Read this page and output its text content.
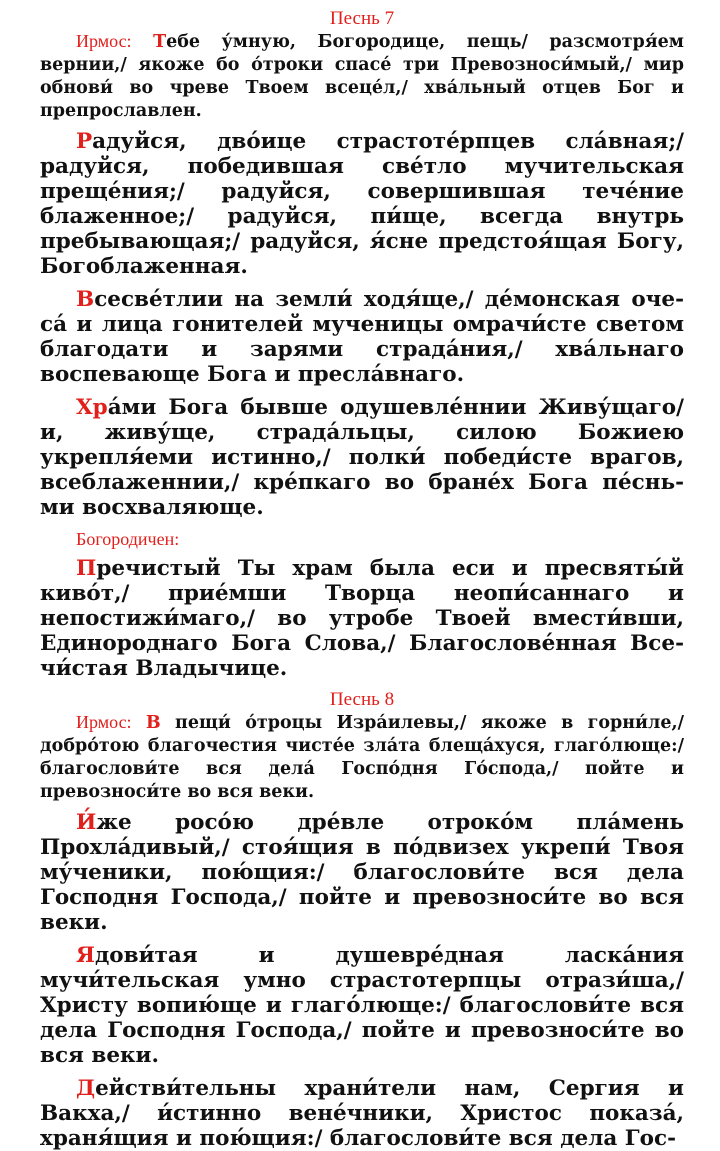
Песнь 7

Ирмос: Тебе у́мную, Богородице, пещь/ разсмотря́ем вернии,/ якоже бо о́троки спасе́ три Превозноси́мый,/ мир обнови́ во чреве Твоем всеце́л,/ хва́льный отцев Бог и препрославлен.

Радуйся, дво́ице страстоте́рпцев сла́вная;/ радуйся, победившая све́тло мучительская преще́ния;/ радуйся, совершившая тече́ние блаженное;/ радуйся, пи́ще, всегда внутрь пребывающая;/ радуйся, я́сне предстоя́щая Богу, Богоблаженная.

Всесве́тлии на земли́ ходя́ще,/ де́монская оче-са́ и лица гонителей мученицы омрачи́сте светом благодати и зарями страда́ния,/ хва́льнаго воспевающе Бога и пресла́внаго.

Хра́ми Бога бывше одушевле́ннии Живу́щаго/ и, живу́ще, страда́льцы, силою Божиею укрепля́еми истинно,/ полки́ победи́сте врагов, всеблаженнии,/ кре́пкаго во бране́х Бога пе́снь-ми восхваляюще.

Богородичен:

Пречистый Ты храм была еси и пресвяты́й киво́т,/ прие́мши Творца неопи́саннаго и непостижи́маго,/ во утробе Твоей вмести́вши, Единороднаго Бога Слова,/ Благослове́нная Все-чи́стая Владычице.

Песнь 8

Ирмос: В пещи́ о́троцы Изра́илевы,/ якоже в горни́ле,/ добро́тою благочестия чисте́е зла́та блеща́хуся, глаго́люще:/ благослови́те вся дела́ Госпо́дня Го́спода,/ пойте и превозноси́те во вся веки.

И́же росо́ю дре́вле отроко́м пла́мень Прохла́дивый,/ стоя́щия в по́двизех укрепи́ Твоя му́ченики, пою́щия:/ благослови́те вся дела Господня Господа,/ пойте и превозноси́те во вся веки.

Ядови́тая и душевре́дная ласка́ния мучи́тельская умно страстотерпцы отрази́ша,/ Христу вопию́ще и глаго́люще:/ благослови́те вся дела Господня Господа,/ пойте и превозноси́те во вся веки.

Действи́тельны храни́тели нам, Сергия и Вакха,/ и́стинно вене́чники, Христос показа́, храня́щия и пою́щия:/ благослови́те вся дела Гос-
